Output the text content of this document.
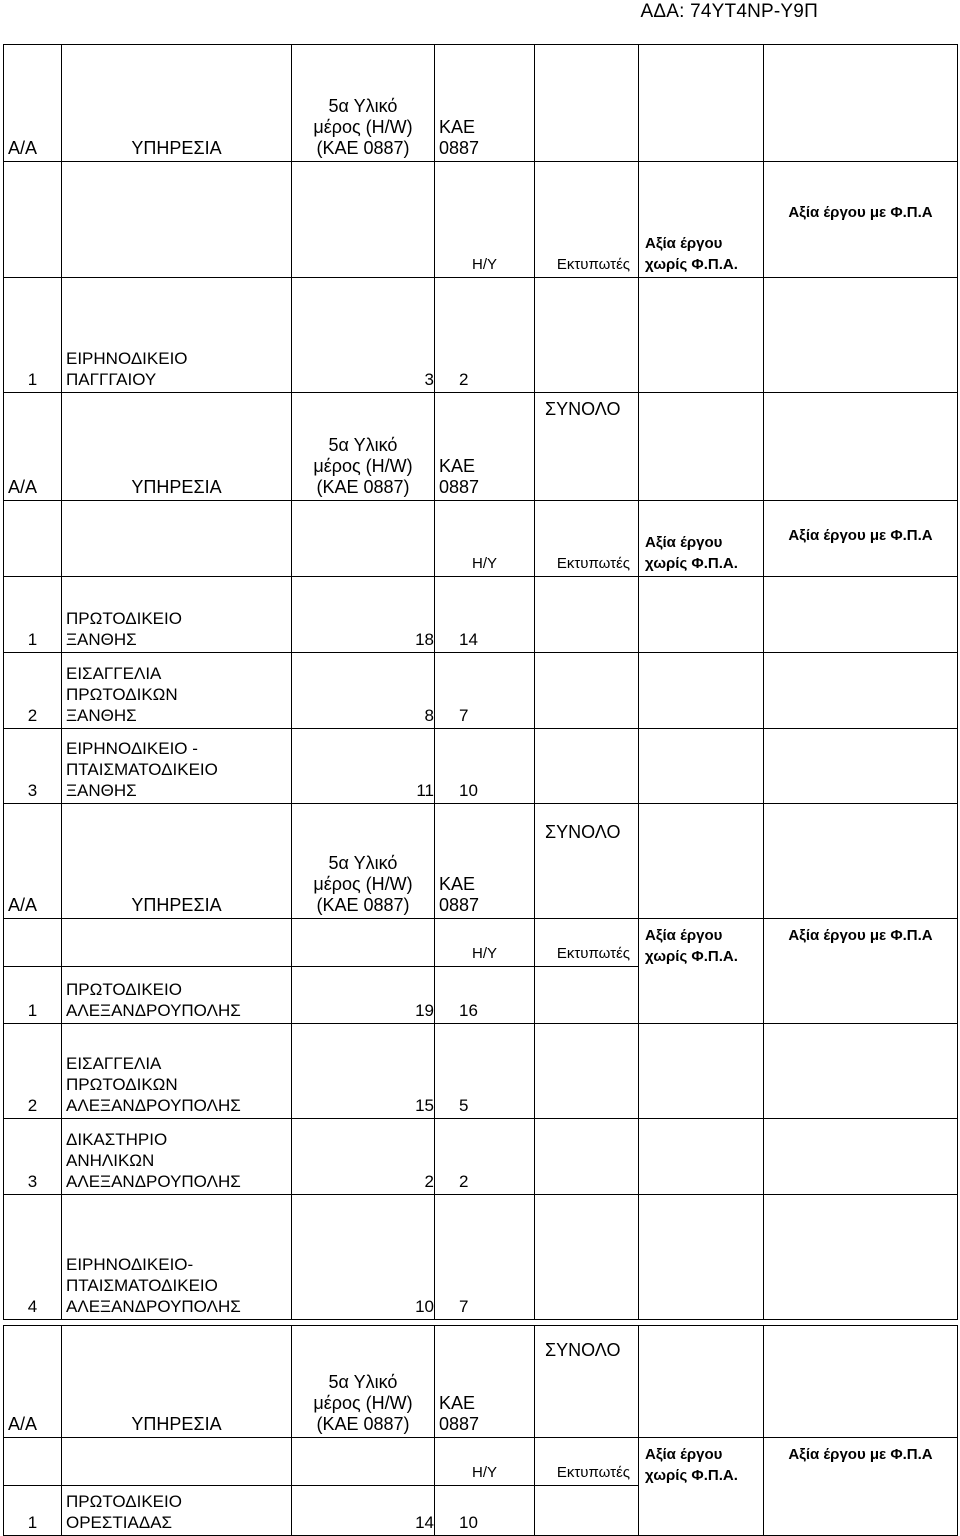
ΑΔΑ: 74ΥΤ4ΝΡ-Υ9Π
Α/Α	ΥΠΗΡΕΣΙΑ	5α Υλικό
μέρος (H/W)
(ΚΑΕ 0887)	ΚΑΕ
0887			

			Η/Υ	Εκτυπωτές	Αξία έργου
χωρίς Φ.Π.Α.	Αξία έργου με Φ.Π.Α
1	ΕΙΡΗΝΟΔΙΚΕΙΟ
ΠΑΓΓΓΑΙΟΥ	3	2			
Α/Α	ΥΠΗΡΕΣΙΑ	5α Υλικό
μέρος (H/W)
(ΚΑΕ 0887)	ΚΑΕ
0887	ΣΥΝΟΛΟ		
			Η/Υ	Εκτυπωτές	Αξία έργου
χωρίς Φ.Π.Α.	Αξία έργου με Φ.Π.Α
1	ΠΡΩΤΟΔΙΚΕΙΟ
ΞΑΝΘΗΣ	18	14			
2	ΕΙΣΑΓΓΕΛΙΑ
ΠΡΩΤΟΔΙΚΩΝ
ΞΑΝΘΗΣ	8	7			
3	ΕΙΡΗΝΟΔΙΚΕΙΟ -
ΠΤΑΙΣΜΑΤΟΔΙΚΕΙΟ
ΞΑΝΘΗΣ	11	10			
Α/Α	ΥΠΗΡΕΣΙΑ	5α Υλικό
μέρος (H/W)
(ΚΑΕ 0887)	ΚΑΕ
0887	ΣΥΝΟΛΟ		
			Η/Υ	Εκτυπωτές	Αξία έργου
χωρίς Φ.Π.Α.	Αξία έργου με Φ.Π.Α
1	ΠΡΩΤΟΔΙΚΕΙΟ
ΑΛΕΞΑΝΔΡΟΥΠΟΛΗΣ	19	16			
2	ΕΙΣΑΓΓΕΛΙΑ
ΠΡΩΤΟΔΙΚΩΝ
ΑΛΕΞΑΝΔΡΟΥΠΟΛΗΣ	15	5			
3	ΔΙΚΑΣΤΗΡΙΟ
ΑΝΗΛΙΚΩΝ
ΑΛΕΞΑΝΔΡΟΥΠΟΛΗΣ	2	2			
4	ΕΙΡΗΝΟΔΙΚΕΙΟ-
ΠΤΑΙΣΜΑΤΟΔΙΚΕΙΟ
ΑΛΕΞΑΝΔΡΟΥΠΟΛΗΣ	10	7			
Α/Α	ΥΠΗΡΕΣΙΑ	5α Υλικό
μέρος (H/W)
(ΚΑΕ 0887)	ΚΑΕ
0887	ΣΥΝΟΛΟ		
			Η/Υ	Εκτυπωτές	Αξία έργου
χωρίς Φ.Π.Α.	Αξία έργου με Φ.Π.Α
1	ΠΡΩΤΟΔΙΚΕΙΟ
ΟΡΕΣΤΙΑΔΑΣ	14	10			
